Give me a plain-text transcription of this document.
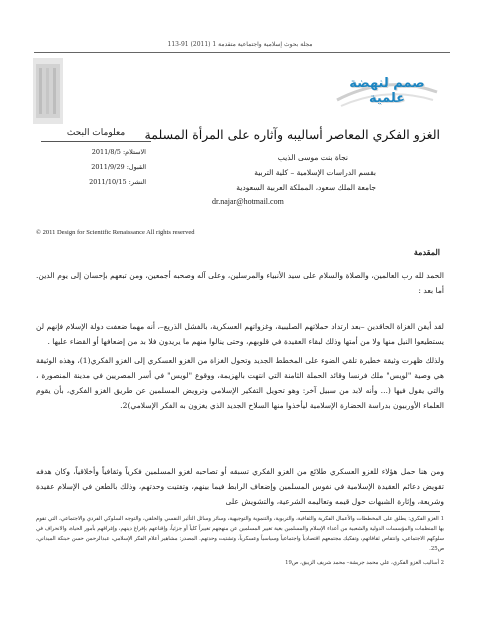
مجلة بحوث إسلامية واجتماعية متقدمة 1 (2011) 91-113
صمم لنهضة علمية
الغزو الفكري المعاصر أساليبه وآثاره على المرأة المسلمة
نجاة بنت موسى الذيب
بقسم الدراسات الإسلامية – كلية التربية
جامعة الملك سعود، المملكة العربية السعودية
dr.najar@hotmail.com
معلومات البحث
الاستلام: 2011/8/5
القبول: 2011/9/29
النشر: 2011/10/15
© 2011 Design for Scientific Renaissance All rights reserved
المقدمة
الحمد لله رب العالمين، والصلاة والسلام على سيد الأنبياء والمرسلين، وعلى آله وصحبه أجمعين، ومن تبعهم بإحسان إلى يوم الدين. أما بعد :
لقد أيقن الغزاة الحاقدين –بعد ارتداد حملاتهم الصليبية، وغزواتهم العسكرية، بالفشل الذريع–، أنه مهما ضعفت دولة الإسلام فإنهم لن يستطيعوا النيل منها ولا من أمتها وذلك لبقاء العقيدة في قلوبهم، وحتى ينالوا منهم ما يريدون فلا بد من إضعافها أو القضاء عليها .
ولذلك ظهرت وثيقة خطيرة تلقي الضوء على المخطط الجديد وتحول الغزاة من الغزو العسكري إلى الغزو الفكري(1)، وهذه الوثيقة هي وصية "لويس" ملك فرنسا وقائد الحملة الثامنة التي انتهت بالهزيمة، ووقوع "لويس" في أسر المصريين في مدينة المنصورة ، والتي يقول فيها (... وأنه لابد من سبيل آخر: وهو تحويل التفكير الإسلامي وترويض المسلمين عن طريق الغزو الفكري، بأن يقوم العلماء الأوربيون بدراسة الحضارة الإسلامية ليأخذوا منها السلاح الجديد الذي يغزون به الفكر الإسلامي)2.
ومن هنا حمل هؤلاء للغزو العسكري طلائع من الغزو الفكري تسبقه أو تصاحبه لغزو المسلمين فكرياً وثقافياً وأخلاقياً، وكان هدفه تقويض دعائم العقيدة الإسلامية في نفوس المسلمين وإضعاف الرابط فيما بينهم، وتفتيت وحدتهم، وذلك بالطعن في الإسلام عقيدة وشريعة، وإثارة الشبهات حول قيمه وتعاليمه الشرعية، والتشويش على
1 الغزو الفكري: يطلق على المخططات والأعمال الفكرية والثقافية، والتربوية، والتنموية والتوجيهية، وسائر وسائل التأثير النفسي والخلقي، والتوجه السلوكي الفردي والاجتماعي، التي تقوم بها المنظمات والمؤسسات الدولية والشعبية من أعداء الإسلام والمسلمين بغية تغيير المسلمين عن منهجهم تغييراً كلياً أو جزئياً، وإقناعهم بإفراغ دينهم، وإغراقهم بأمور الحياة، والانحراف في سلوكهم الاجتماعي، وانتقاص ثقافاتهم، وتفكيك مجتمعهم اقتصادياً واجتماعياً وسياسياً وعسكرياً، وتشتيت وحدتهم. المصدر: مشاهير أعلام الفكر الإسلامي، عبدالرحمن حسن حبنكة الميداني، ص25.
2 أساليب الغزو الفكري، علي محمد جريشة– محمد شريف الزيبق، ص19
